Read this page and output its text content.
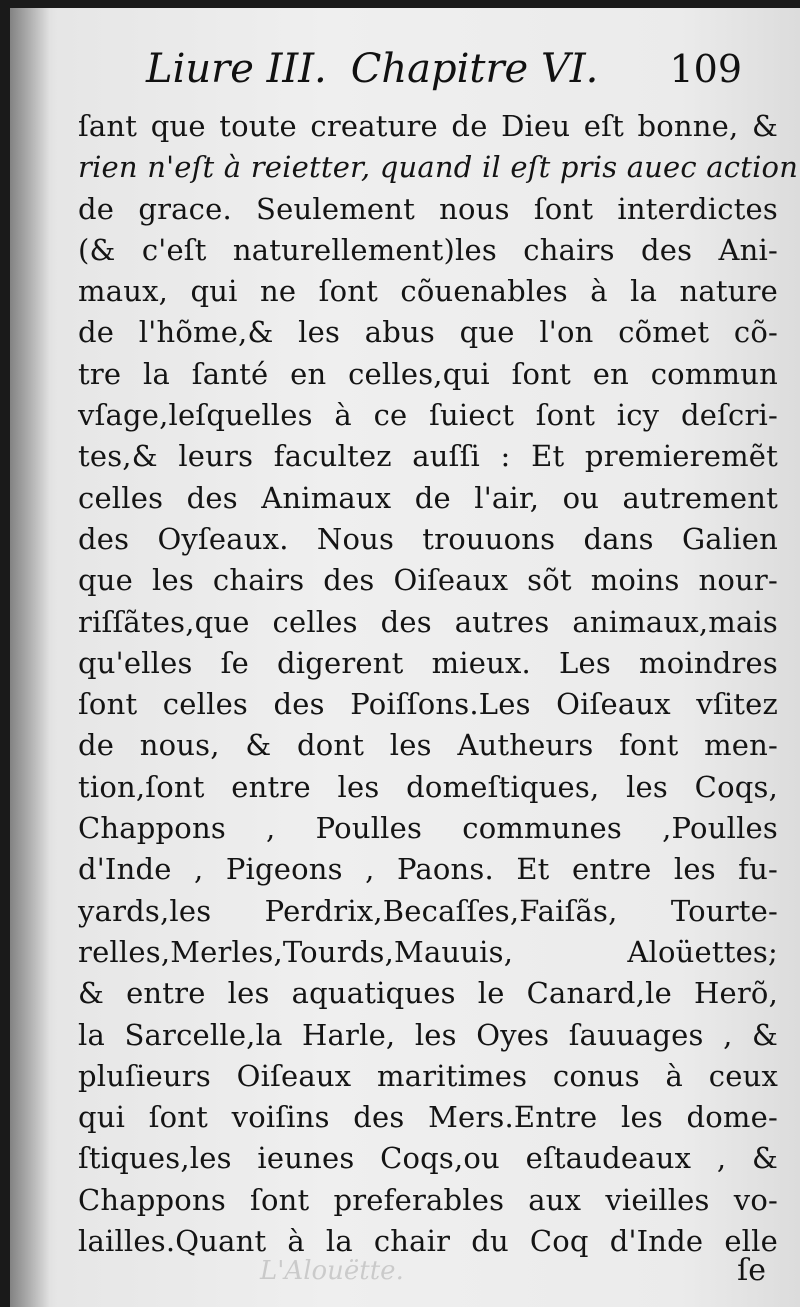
Liure III. Chapitre VI.	109
ſant que toute creature de Dieu eſt bonne, &
rien n'eſt à reietter, quand il eſt pris auec action
de grace. Seulement nous ſont interdictes
(& c'eſt naturellement)les chairs des Ani-
maux, qui ne ſont cõuenables à la nature
de l'hõme,& les abus que l'on cõmet cõ-
tre la ſanté en celles,qui ſont en commun
vſage,leſquelles à ce ſuiect ſont icy deſcri-
tes,& leurs facultez auſſi : Et premieremẽt
celles des Animaux de l'air, ou autrement
des Oyſeaux. Nous trouuons dans Galien
que les chairs des Oiſeaux sõt moins nour-
riſſãtes,que celles des autres animaux,mais
qu'elles ſe digerent mieux. Les moindres
ſont celles des Poiſſons.Les Oiſeaux vſitez
de nous, & dont les Autheurs font men-
tion,ſont entre les domeſtiques, les Coqs,
Chappons , Poulles communes ,Poulles
d'Inde , Pigeons , Paons. Et entre les fu-
yards,les Perdrix,Becaſſes,Faiſãs, Tourte-
relles,Merles,Tourds,Mauuis, Aloüettes;
& entre les aquatiques le Canard,le Herõ,
la Sarcelle,la Harle, les Oyes ſauuages , &
pluſieurs Oiſeaux maritimes conus à ceux
qui ſont voiſins des Mers.Entre les dome-
ſtiques,les ieunes Coqs,ou eſtaudeaux , &
Chappons ſont preferables aux vieilles vo-
lailles.Quant à la chair du Coq d'Inde elle
L'Alouëtte.	ſe
